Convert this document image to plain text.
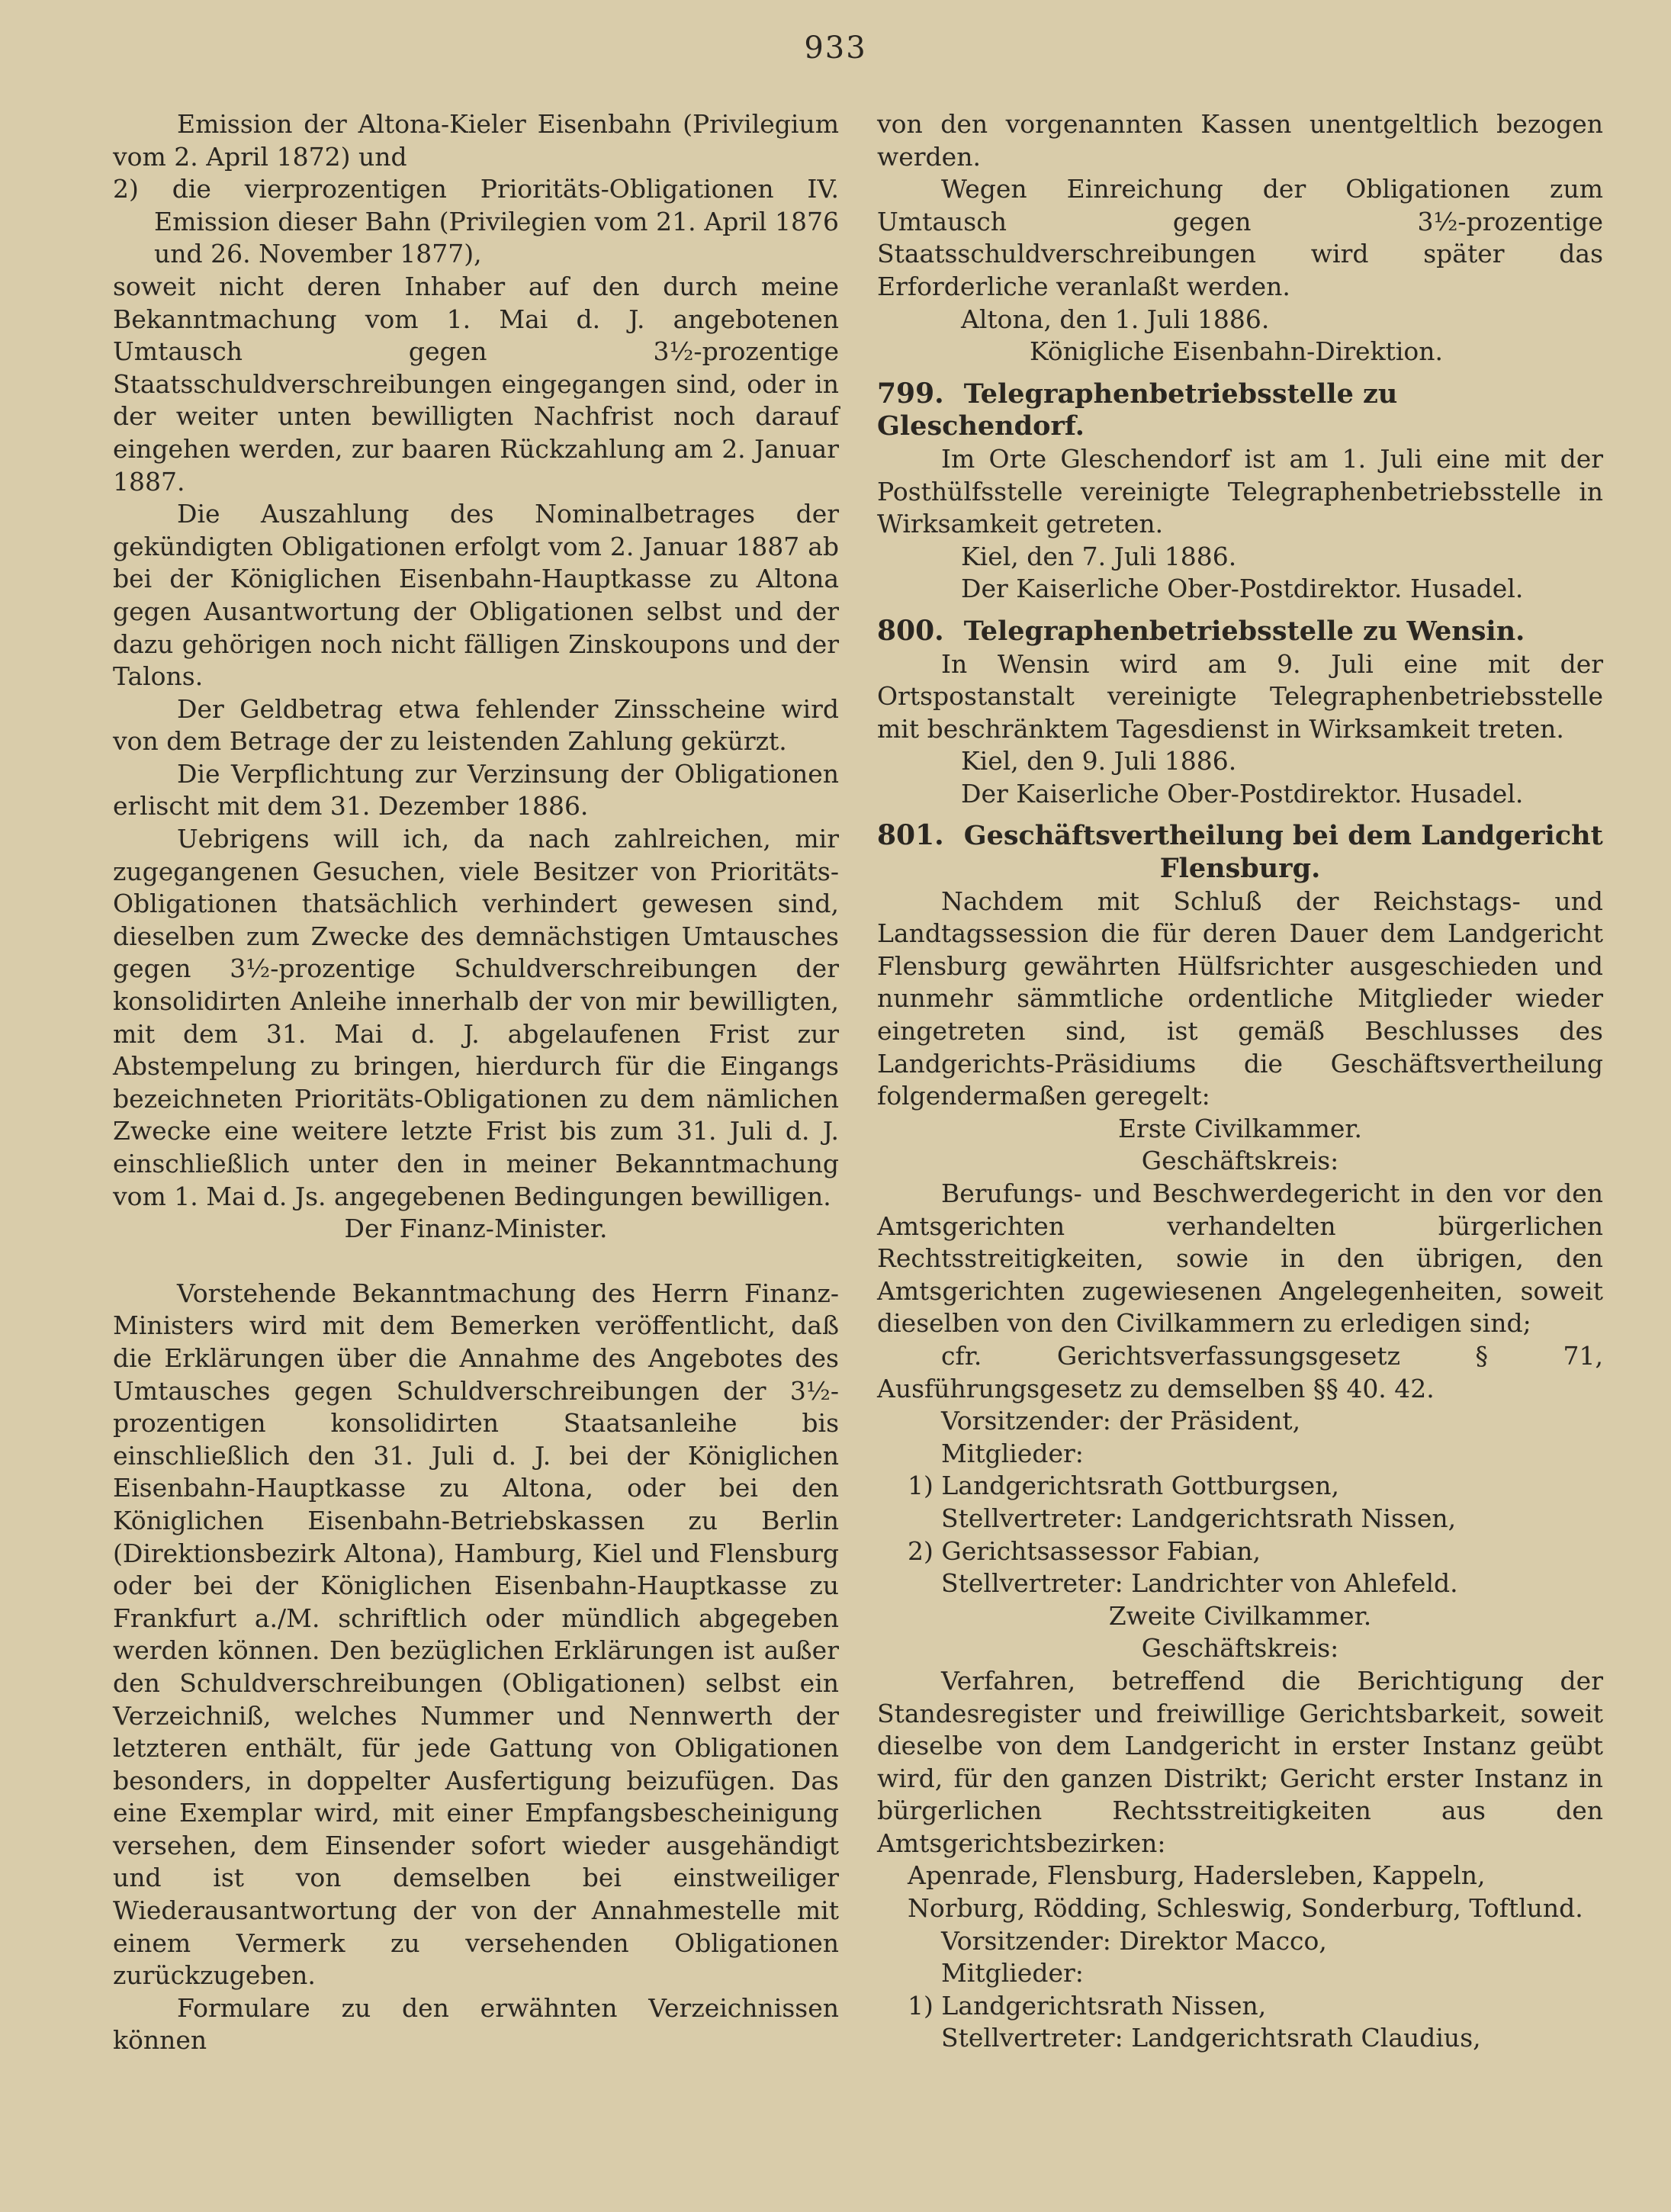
933

Emission der Altona-Kieler Eisenbahn (Privilegium vom 2. April 1872) und

2) die vierprozentigen Prioritäts-Obligationen IV. Emission dieser Bahn (Privilegien vom 21. April 1876 und 26. November 1877),

soweit nicht deren Inhaber auf den durch meine Bekanntmachung vom 1. Mai d. J. angebotenen Umtausch gegen 3½-prozentige Staatsschuldverschreibungen eingegangen sind, oder in der weiter unten bewilligten Nachfrist noch darauf eingehen werden, zur baaren Rückzahlung am 2. Januar 1887.

Die Auszahlung des Nominalbetrages der gekündigten Obligationen erfolgt vom 2. Januar 1887 ab bei der Königlichen Eisenbahn-Hauptkasse zu Altona gegen Ausantwortung der Obligationen selbst und der dazu gehörigen noch nicht fälligen Zinskoupons und der Talons.

Der Geldbetrag etwa fehlender Zinsscheine wird von dem Betrage der zu leistenden Zahlung gekürzt.

Die Verpflichtung zur Verzinsung der Obligationen erlischt mit dem 31. Dezember 1886.

Uebrigens will ich, da nach zahlreichen, mir zugegangenen Gesuchen, viele Besitzer von Prioritäts-Obligationen thatsächlich verhindert gewesen sind, dieselben zum Zwecke des demnächstigen Umtausches gegen 3½-prozentige Schuldverschreibungen der konsolidirten Anleihe innerhalb der von mir bewilligten, mit dem 31. Mai d. J. abgelaufenen Frist zur Abstempelung zu bringen, hierdurch für die Eingangs bezeichneten Prioritäts-Obligationen zu dem nämlichen Zwecke eine weitere letzte Frist bis zum 31. Juli d. J. einschließlich unter den in meiner Bekanntmachung vom 1. Mai d. Js. angegebenen Bedingungen bewilligen.

Der Finanz-Minister.

Vorstehende Bekanntmachung des Herrn Finanz-Ministers wird mit dem Bemerken veröffentlicht, daß die Erklärungen über die Annahme des Angebotes des Umtausches gegen Schuldverschreibungen der 3½-prozentigen konsolidirten Staatsanleihe bis einschließlich den 31. Juli d. J. bei der Königlichen Eisenbahn-Hauptkasse zu Altona, oder bei den Königlichen Eisenbahn-Betriebskassen zu Berlin (Direktionsbezirk Altona), Hamburg, Kiel und Flensburg oder bei der Königlichen Eisenbahn-Hauptkasse zu Frankfurt a./M. schriftlich oder mündlich abgegeben werden können. Den bezüglichen Erklärungen ist außer den Schuldverschreibungen (Obligationen) selbst ein Verzeichniß, welches Nummer und Nennwerth der letzteren enthält, für jede Gattung von Obligationen besonders, in doppelter Ausfertigung beizufügen. Das eine Exemplar wird, mit einer Empfangsbescheinigung versehen, dem Einsender sofort wieder ausgehändigt und ist von demselben bei einstweiliger Wiederausantwortung der von der Annahmestelle mit einem Vermerk zu versehenden Obligationen zurückzugeben.

Formulare zu den erwähnten Verzeichnissen können

von den vorgenannten Kassen unentgeltlich bezogen werden.

Wegen Einreichung der Obligationen zum Umtausch gegen 3½-prozentige Staatsschuldverschreibungen wird später das Erforderliche veranlaßt werden.

Altona, den 1. Juli 1886.

Königliche Eisenbahn-Direktion.

799. Telegraphenbetriebsstelle zu Gleschendorf.

Im Orte Gleschendorf ist am 1. Juli eine mit der Posthülfsstelle vereinigte Telegraphenbetriebsstelle in Wirksamkeit getreten.

Kiel, den 7. Juli 1886.

Der Kaiserliche Ober-Postdirektor. Husadel.

800. Telegraphenbetriebsstelle zu Wensin.

In Wensin wird am 9. Juli eine mit der Ortspostanstalt vereinigte Telegraphenbetriebsstelle mit beschränktem Tagesdienst in Wirksamkeit treten.

Kiel, den 9. Juli 1886.

Der Kaiserliche Ober-Postdirektor. Husadel.

801. Geschäftsvertheilung bei dem Landgericht
Flensburg.

Nachdem mit Schluß der Reichstags- und Landtagssession die für deren Dauer dem Landgericht Flensburg gewährten Hülfsrichter ausgeschieden und nunmehr sämmtliche ordentliche Mitglieder wieder eingetreten sind, ist gemäß Beschlusses des Landgerichts-Präsidiums die Geschäftsvertheilung folgendermaßen geregelt:

Erste Civilkammer.

Geschäftskreis:

Berufungs- und Beschwerdegericht in den vor den Amtsgerichten verhandelten bürgerlichen Rechtsstreitigkeiten, sowie in den übrigen, den Amtsgerichten zugewiesenen Angelegenheiten, soweit dieselben von den Civilkammern zu erledigen sind;

cfr. Gerichtsverfassungsgesetz § 71, Ausführungsgesetz zu demselben §§ 40. 42.

Vorsitzender: der Präsident,

Mitglieder:

1) Landgerichtsrath Gottburgsen,

Stellvertreter: Landgerichtsrath Nissen,

2) Gerichtsassessor Fabian,

Stellvertreter: Landrichter von Ahlefeld.

Zweite Civilkammer.

Geschäftskreis:

Verfahren, betreffend die Berichtigung der Standesregister und freiwillige Gerichtsbarkeit, soweit dieselbe von dem Landgericht in erster Instanz geübt wird, für den ganzen Distrikt; Gericht erster Instanz in bürgerlichen Rechtsstreitigkeiten aus den Amtsgerichtsbezirken:

Apenrade, Flensburg, Hadersleben, Kappeln, Norburg, Rödding, Schleswig, Sonderburg, Toftlund.

Vorsitzender: Direktor Macco,

Mitglieder:

1) Landgerichtsrath Nissen,

Stellvertreter: Landgerichtsrath Claudius,
